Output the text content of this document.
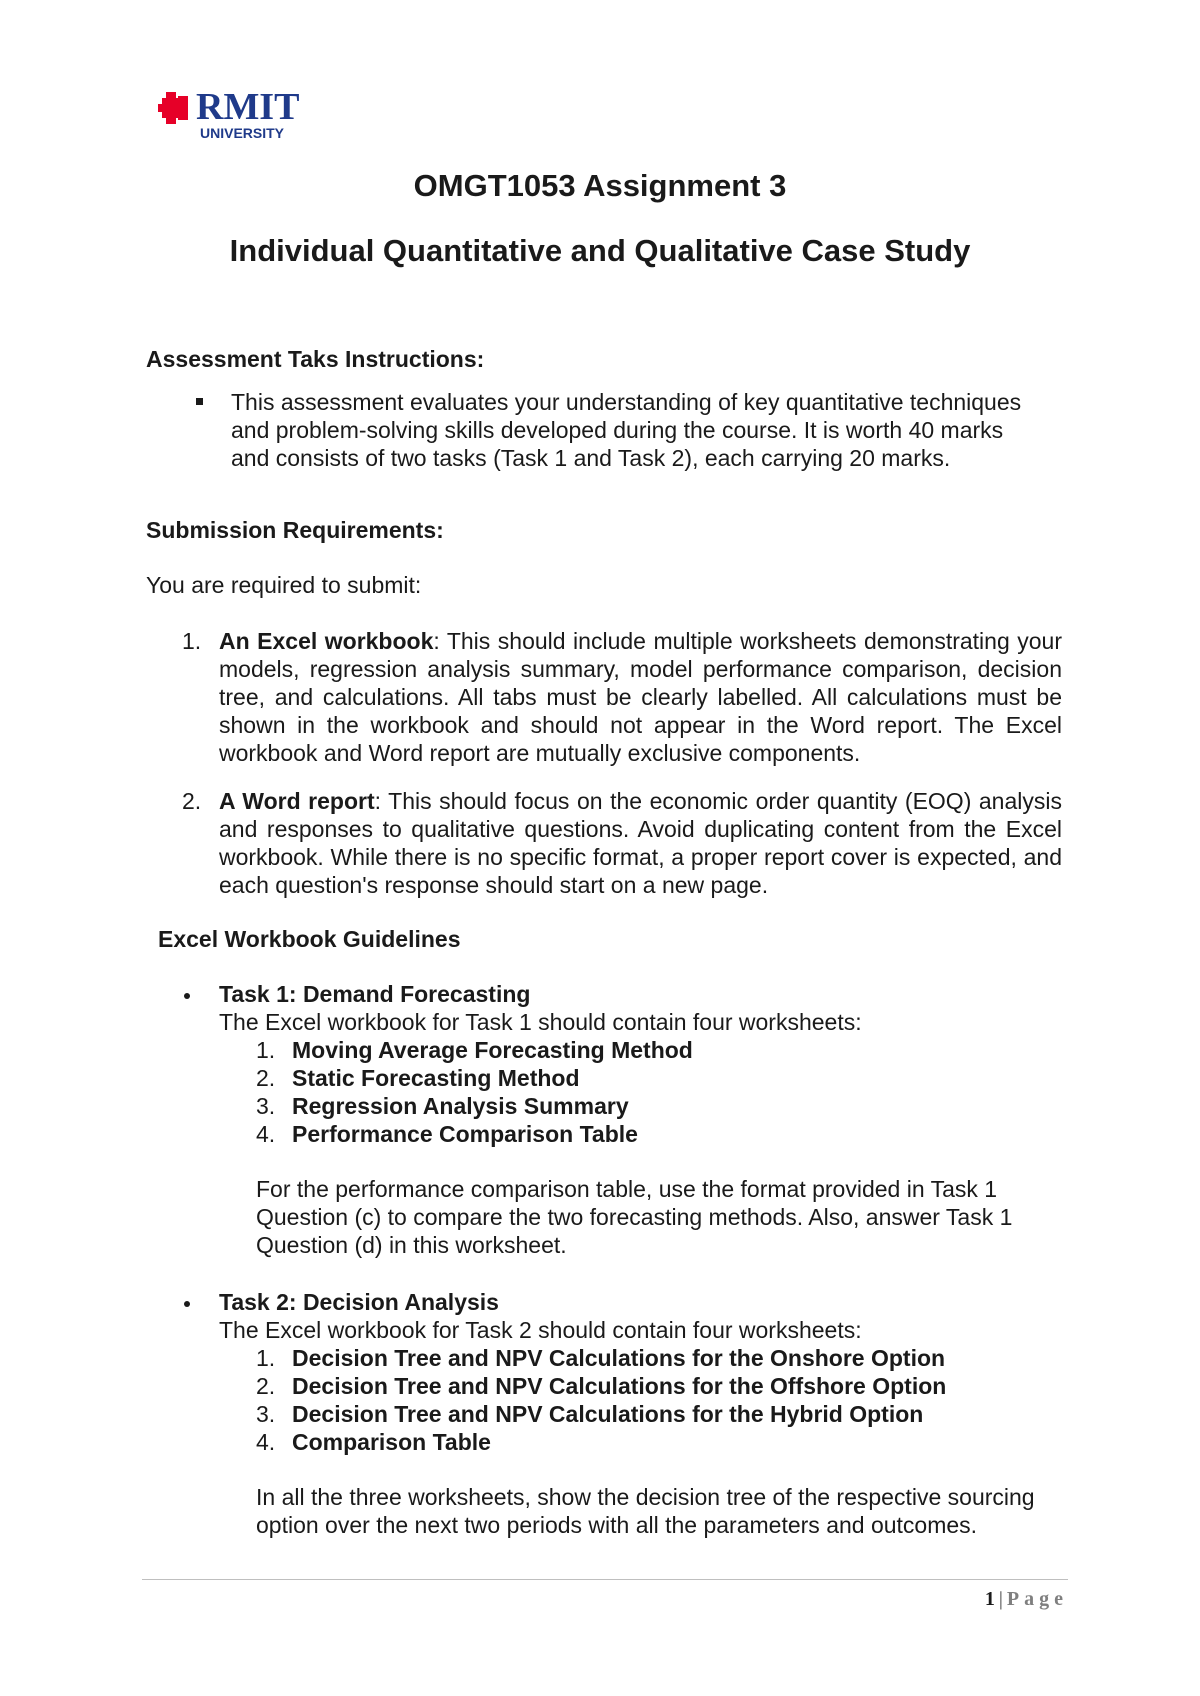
RMIT
UNIVERSITY
OMGT1053 Assignment 3
Individual Quantitative and Qualitative Case Study

Assessment Taks Instructions:

This assessment evaluates your understanding of key quantitative techniques

and problem-solving skills developed during the course. It is worth 40 marks

and consists of two tasks (Task 1 and Task 2), each carrying 20 marks.

Submission Requirements:

You are required to submit:

1. An Excel workbook: This should include multiple worksheets demonstrating your models, regression analysis summary, model performance comparison, decision tree, and calculations. All tabs must be clearly labelled. All calculations must be shown in the workbook and should not appear in the Word report. The Excel workbook and Word report are mutually exclusive components.

2. A Word report: This should focus on the economic order quantity (EOQ) analysis and responses to qualitative questions. Avoid duplicating content from the Excel workbook. While there is no specific format, a proper report cover is expected, and each question's response should start on a new page.

Excel Workbook Guidelines

Task 1: Demand Forecasting

The Excel workbook for Task 1 should contain four worksheets:

1. Moving Average Forecasting Method
2. Static Forecasting Method
3. Regression Analysis Summary
4. Performance Comparison Table

For the performance comparison table, use the format provided in Task 1

Question (c) to compare the two forecasting methods. Also, answer Task 1

Question (d) in this worksheet.

Task 2: Decision Analysis

The Excel workbook for Task 2 should contain four worksheets:

1. Decision Tree and NPV Calculations for the Onshore Option
2. Decision Tree and NPV Calculations for the Offshore Option
3. Decision Tree and NPV Calculations for the Hybrid Option
4. Comparison Table

In all the three worksheets, show the decision tree of the respective sourcing

option over the next two periods with all the parameters and outcomes.

1 | Page
